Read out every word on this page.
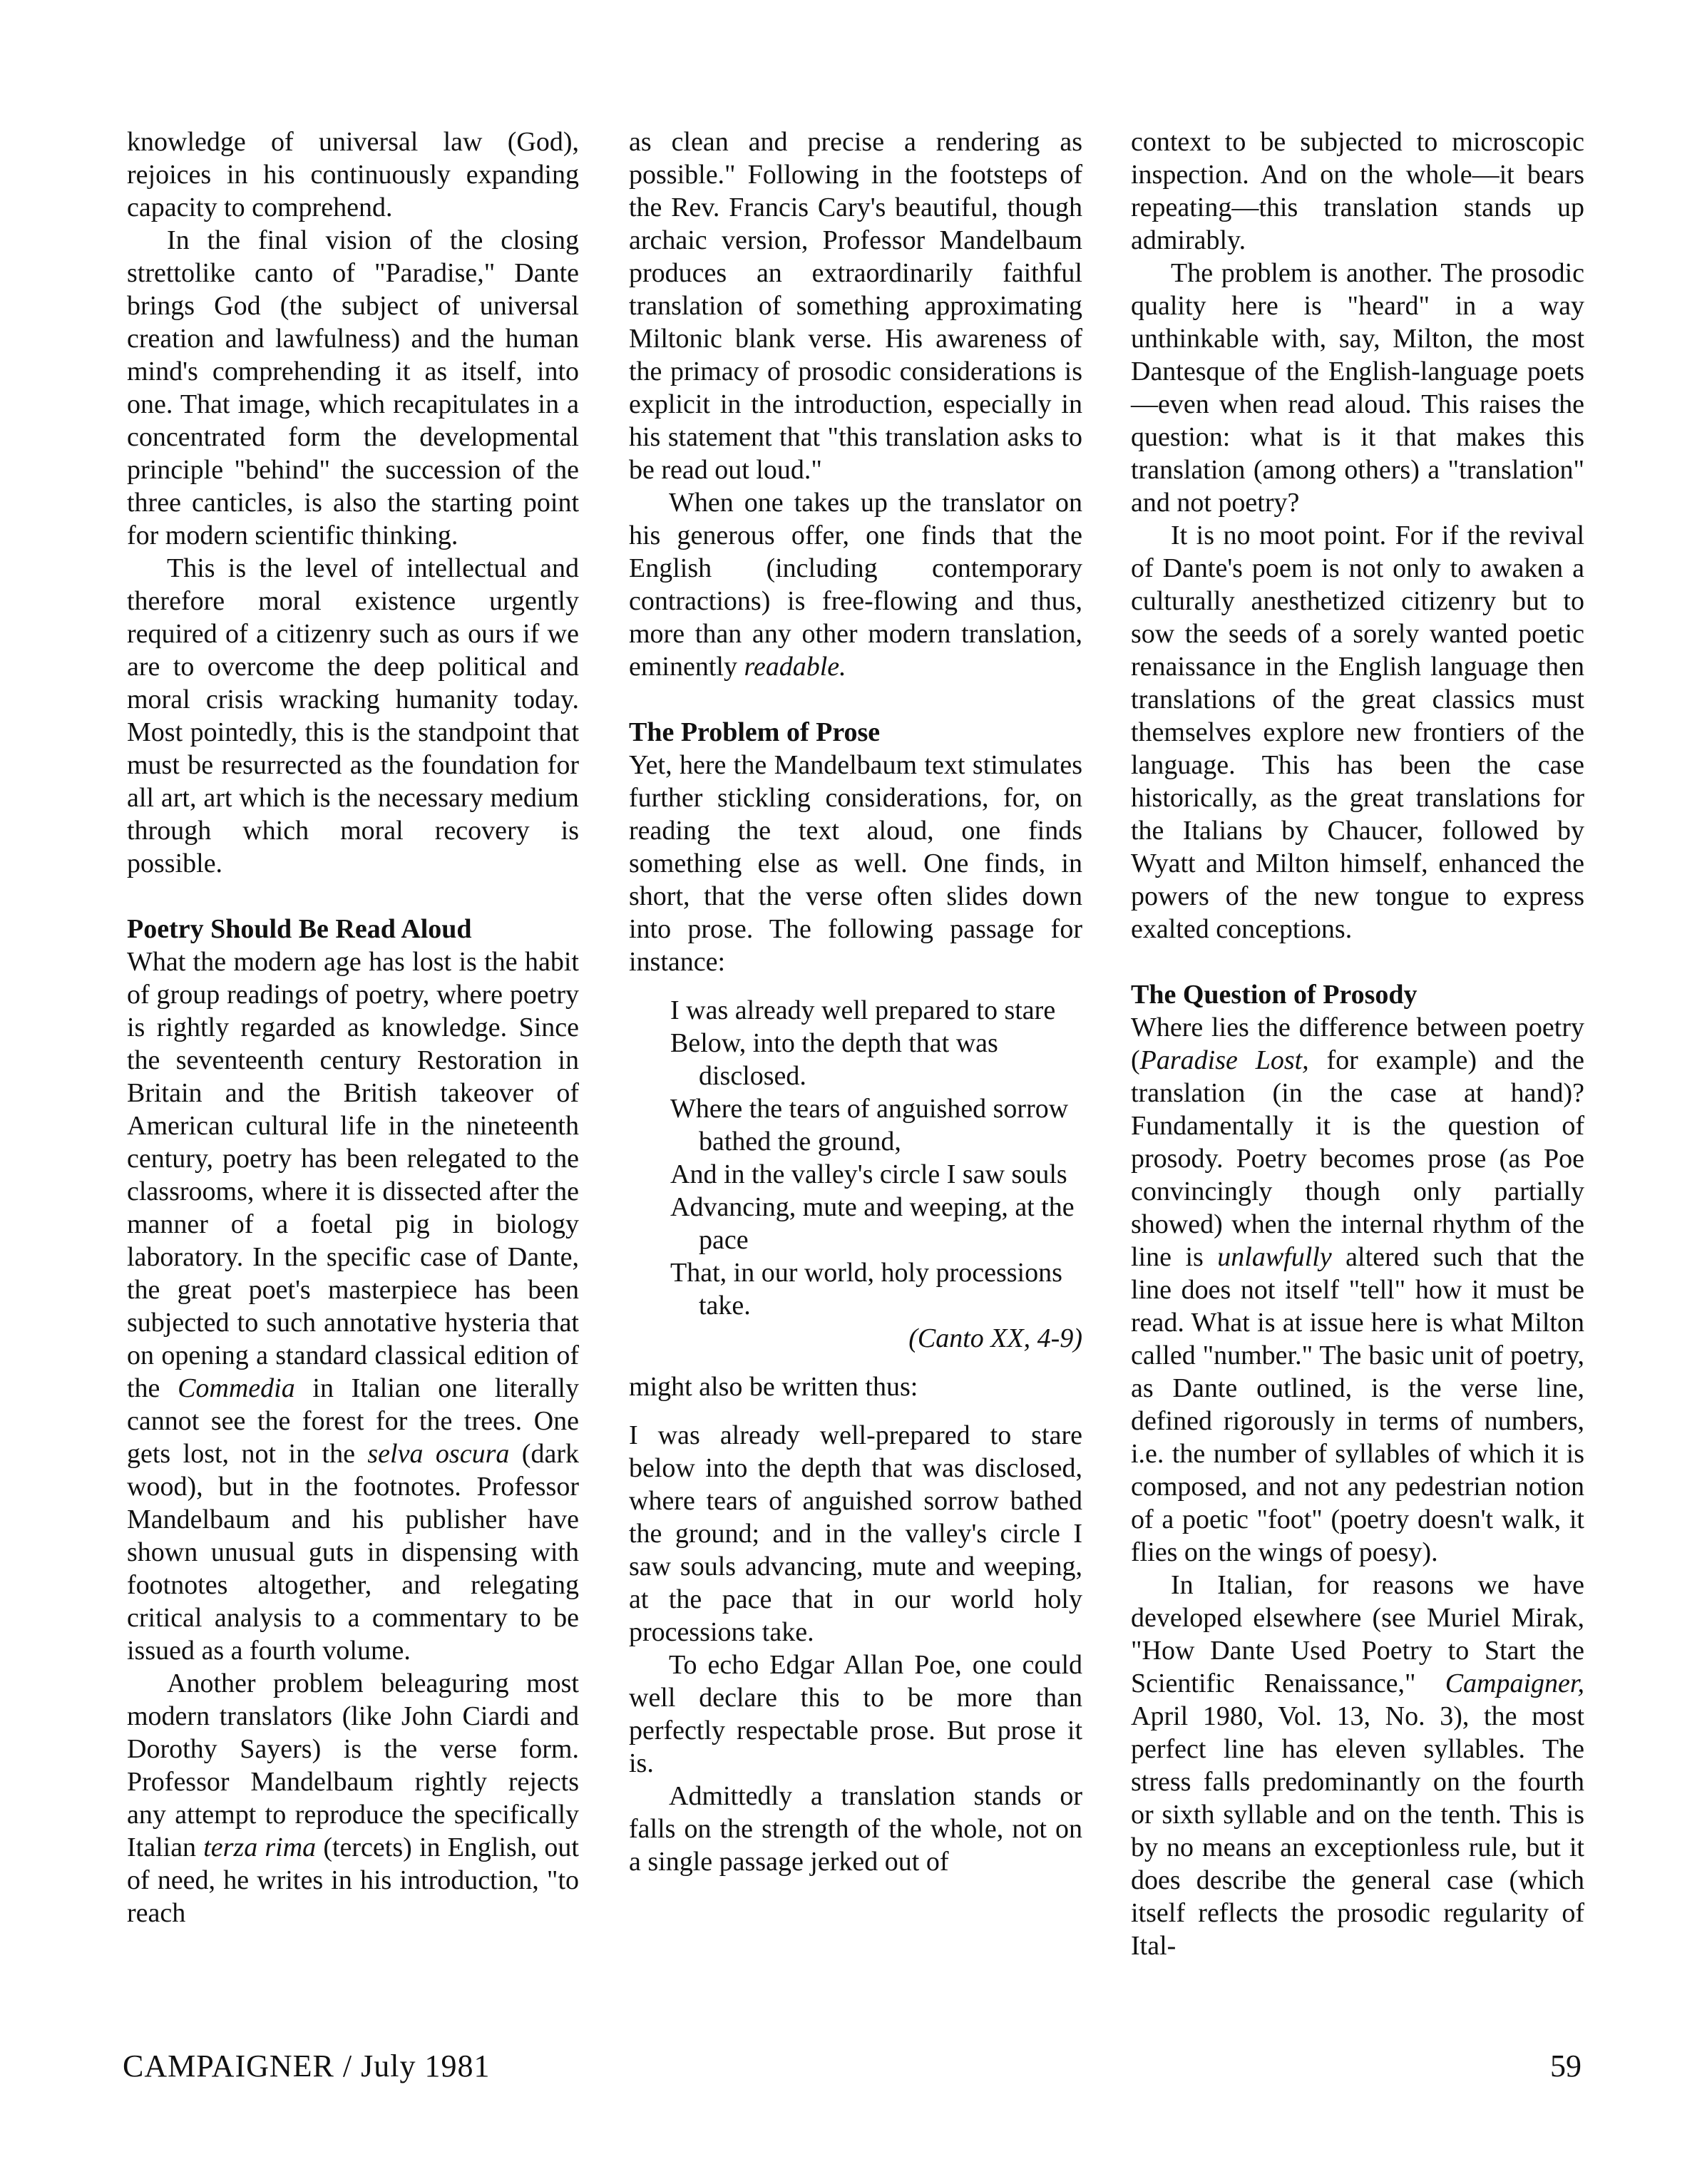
knowledge of universal law (God), rejoices in his continuously expanding capacity to comprehend.

In the final vision of the closing strettolike canto of "Paradise," Dante brings God (the subject of universal creation and lawfulness) and the human mind's comprehending it as itself, into one. That image, which recapitulates in a concentrated form the developmental principle "behind" the succession of the three canticles, is also the starting point for modern scientific thinking.

This is the level of intellectual and therefore moral existence urgently required of a citizenry such as ours if we are to overcome the deep political and moral crisis wracking humanity today. Most pointedly, this is the standpoint that must be resurrected as the foundation for all art, art which is the necessary medium through which moral recovery is possible.

Poetry Should Be Read Aloud

What the modern age has lost is the habit of group readings of poetry, where poetry is rightly regarded as knowledge. Since the seventeenth century Restoration in Britain and the British takeover of American cultural life in the nineteenth century, poetry has been relegated to the classrooms, where it is dissected after the manner of a foetal pig in biology laboratory. In the specific case of Dante, the great poet's masterpiece has been subjected to such annotative hysteria that on opening a standard classical edition of the Commedia in Italian one literally cannot see the forest for the trees. One gets lost, not in the selva oscura (dark wood), but in the footnotes. Professor Mandelbaum and his publisher have shown unusual guts in dispensing with footnotes altogether, and relegating critical analysis to a commentary to be issued as a fourth volume.

Another problem beleaguring most modern translators (like John Ciardi and Dorothy Sayers) is the verse form. Professor Mandelbaum rightly rejects any attempt to reproduce the specifically Italian terza rima (tercets) in English, out of need, he writes in his introduction, "to reach

as clean and precise a rendering as possible." Following in the footsteps of the Rev. Francis Cary's beautiful, though archaic version, Professor Mandelbaum produces an extraordinarily faithful translation of something approximating Miltonic blank verse. His awareness of the primacy of prosodic considerations is explicit in the introduction, especially in his statement that "this translation asks to be read out loud."

When one takes up the translator on his generous offer, one finds that the English (including contemporary contractions) is free-flowing and thus, more than any other modern translation, eminently readable.

The Problem of Prose

Yet, here the Mandelbaum text stimulates further stickling considerations, for, on reading the text aloud, one finds something else as well. One finds, in short, that the verse often slides down into prose. The following passage for instance:

I was already well prepared to stare
Below, into the depth that was disclosed.
Where the tears of anguished sorrow bathed the ground,
And in the valley's circle I saw souls
Advancing, mute and weeping, at the pace
That, in our world, holy processions take.
(Canto XX, 4-9)

might also be written thus:

I was already well-prepared to stare below into the depth that was disclosed, where tears of anguished sorrow bathed the ground; and in the valley's circle I saw souls advancing, mute and weeping, at the pace that in our world holy processions take.

To echo Edgar Allan Poe, one could well declare this to be more than perfectly respectable prose. But prose it is.

Admittedly a translation stands or falls on the strength of the whole, not on a single passage jerked out of

context to be subjected to microscopic inspection. And on the whole—it bears repeating—this translation stands up admirably.

The problem is another. The prosodic quality here is "heard" in a way unthinkable with, say, Milton, the most Dantesque of the English-language poets—even when read aloud. This raises the question: what is it that makes this translation (among others) a "translation" and not poetry?

It is no moot point. For if the revival of Dante's poem is not only to awaken a culturally anesthetized citizenry but to sow the seeds of a sorely wanted poetic renaissance in the English language then translations of the great classics must themselves explore new frontiers of the language. This has been the case historically, as the great translations for the Italians by Chaucer, followed by Wyatt and Milton himself, enhanced the powers of the new tongue to express exalted conceptions.

The Question of Prosody

Where lies the difference between poetry (Paradise Lost, for example) and the translation (in the case at hand)? Fundamentally it is the question of prosody. Poetry becomes prose (as Poe convincingly though only partially showed) when the internal rhythm of the line is unlawfully altered such that the line does not itself "tell" how it must be read. What is at issue here is what Milton called "number." The basic unit of poetry, as Dante outlined, is the verse line, defined rigorously in terms of numbers, i.e. the number of syllables of which it is composed, and not any pedestrian notion of a poetic "foot" (poetry doesn't walk, it flies on the wings of poesy).

In Italian, for reasons we have developed elsewhere (see Muriel Mirak, "How Dante Used Poetry to Start the Scientific Renaissance," Campaigner, April 1980, Vol. 13, No. 3), the most perfect line has eleven syllables. The stress falls predominantly on the fourth or sixth syllable and on the tenth. This is by no means an exceptionless rule, but it does describe the general case (which itself reflects the prosodic regularity of Ital-

CAMPAIGNER / July 1981	59
